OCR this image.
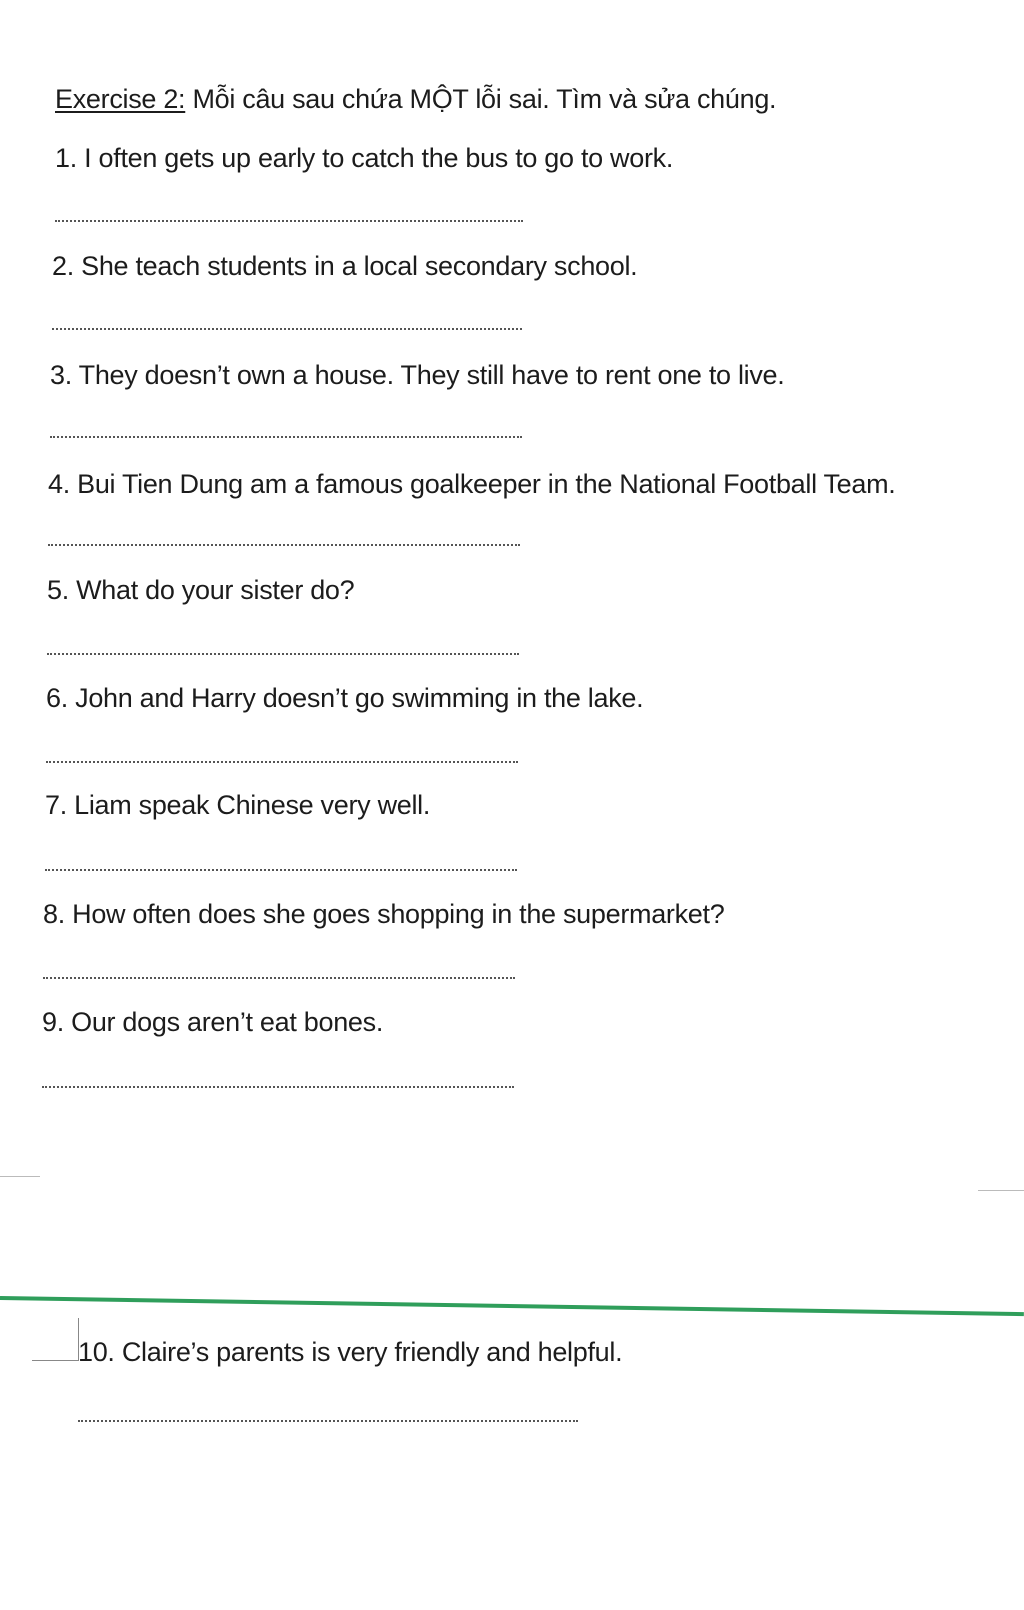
Exercise 2: Mỗi câu sau chứa MỘT lỗi sai. Tìm và sửa chúng.
1. I often gets up early to catch the bus to go to work.
2. She teach students in a local secondary school.
3. They doesn’t own a house. They still have to rent one to live.
4. Bui Tien Dung am a famous goalkeeper in the National Football Team.
5. What do your sister do?
6. John and Harry doesn’t go swimming in the lake.
7. Liam speak Chinese very well.
8. How often does she goes shopping in the supermarket?
9. Our dogs aren’t eat bones.
10. Claire’s parents is very friendly and helpful.
